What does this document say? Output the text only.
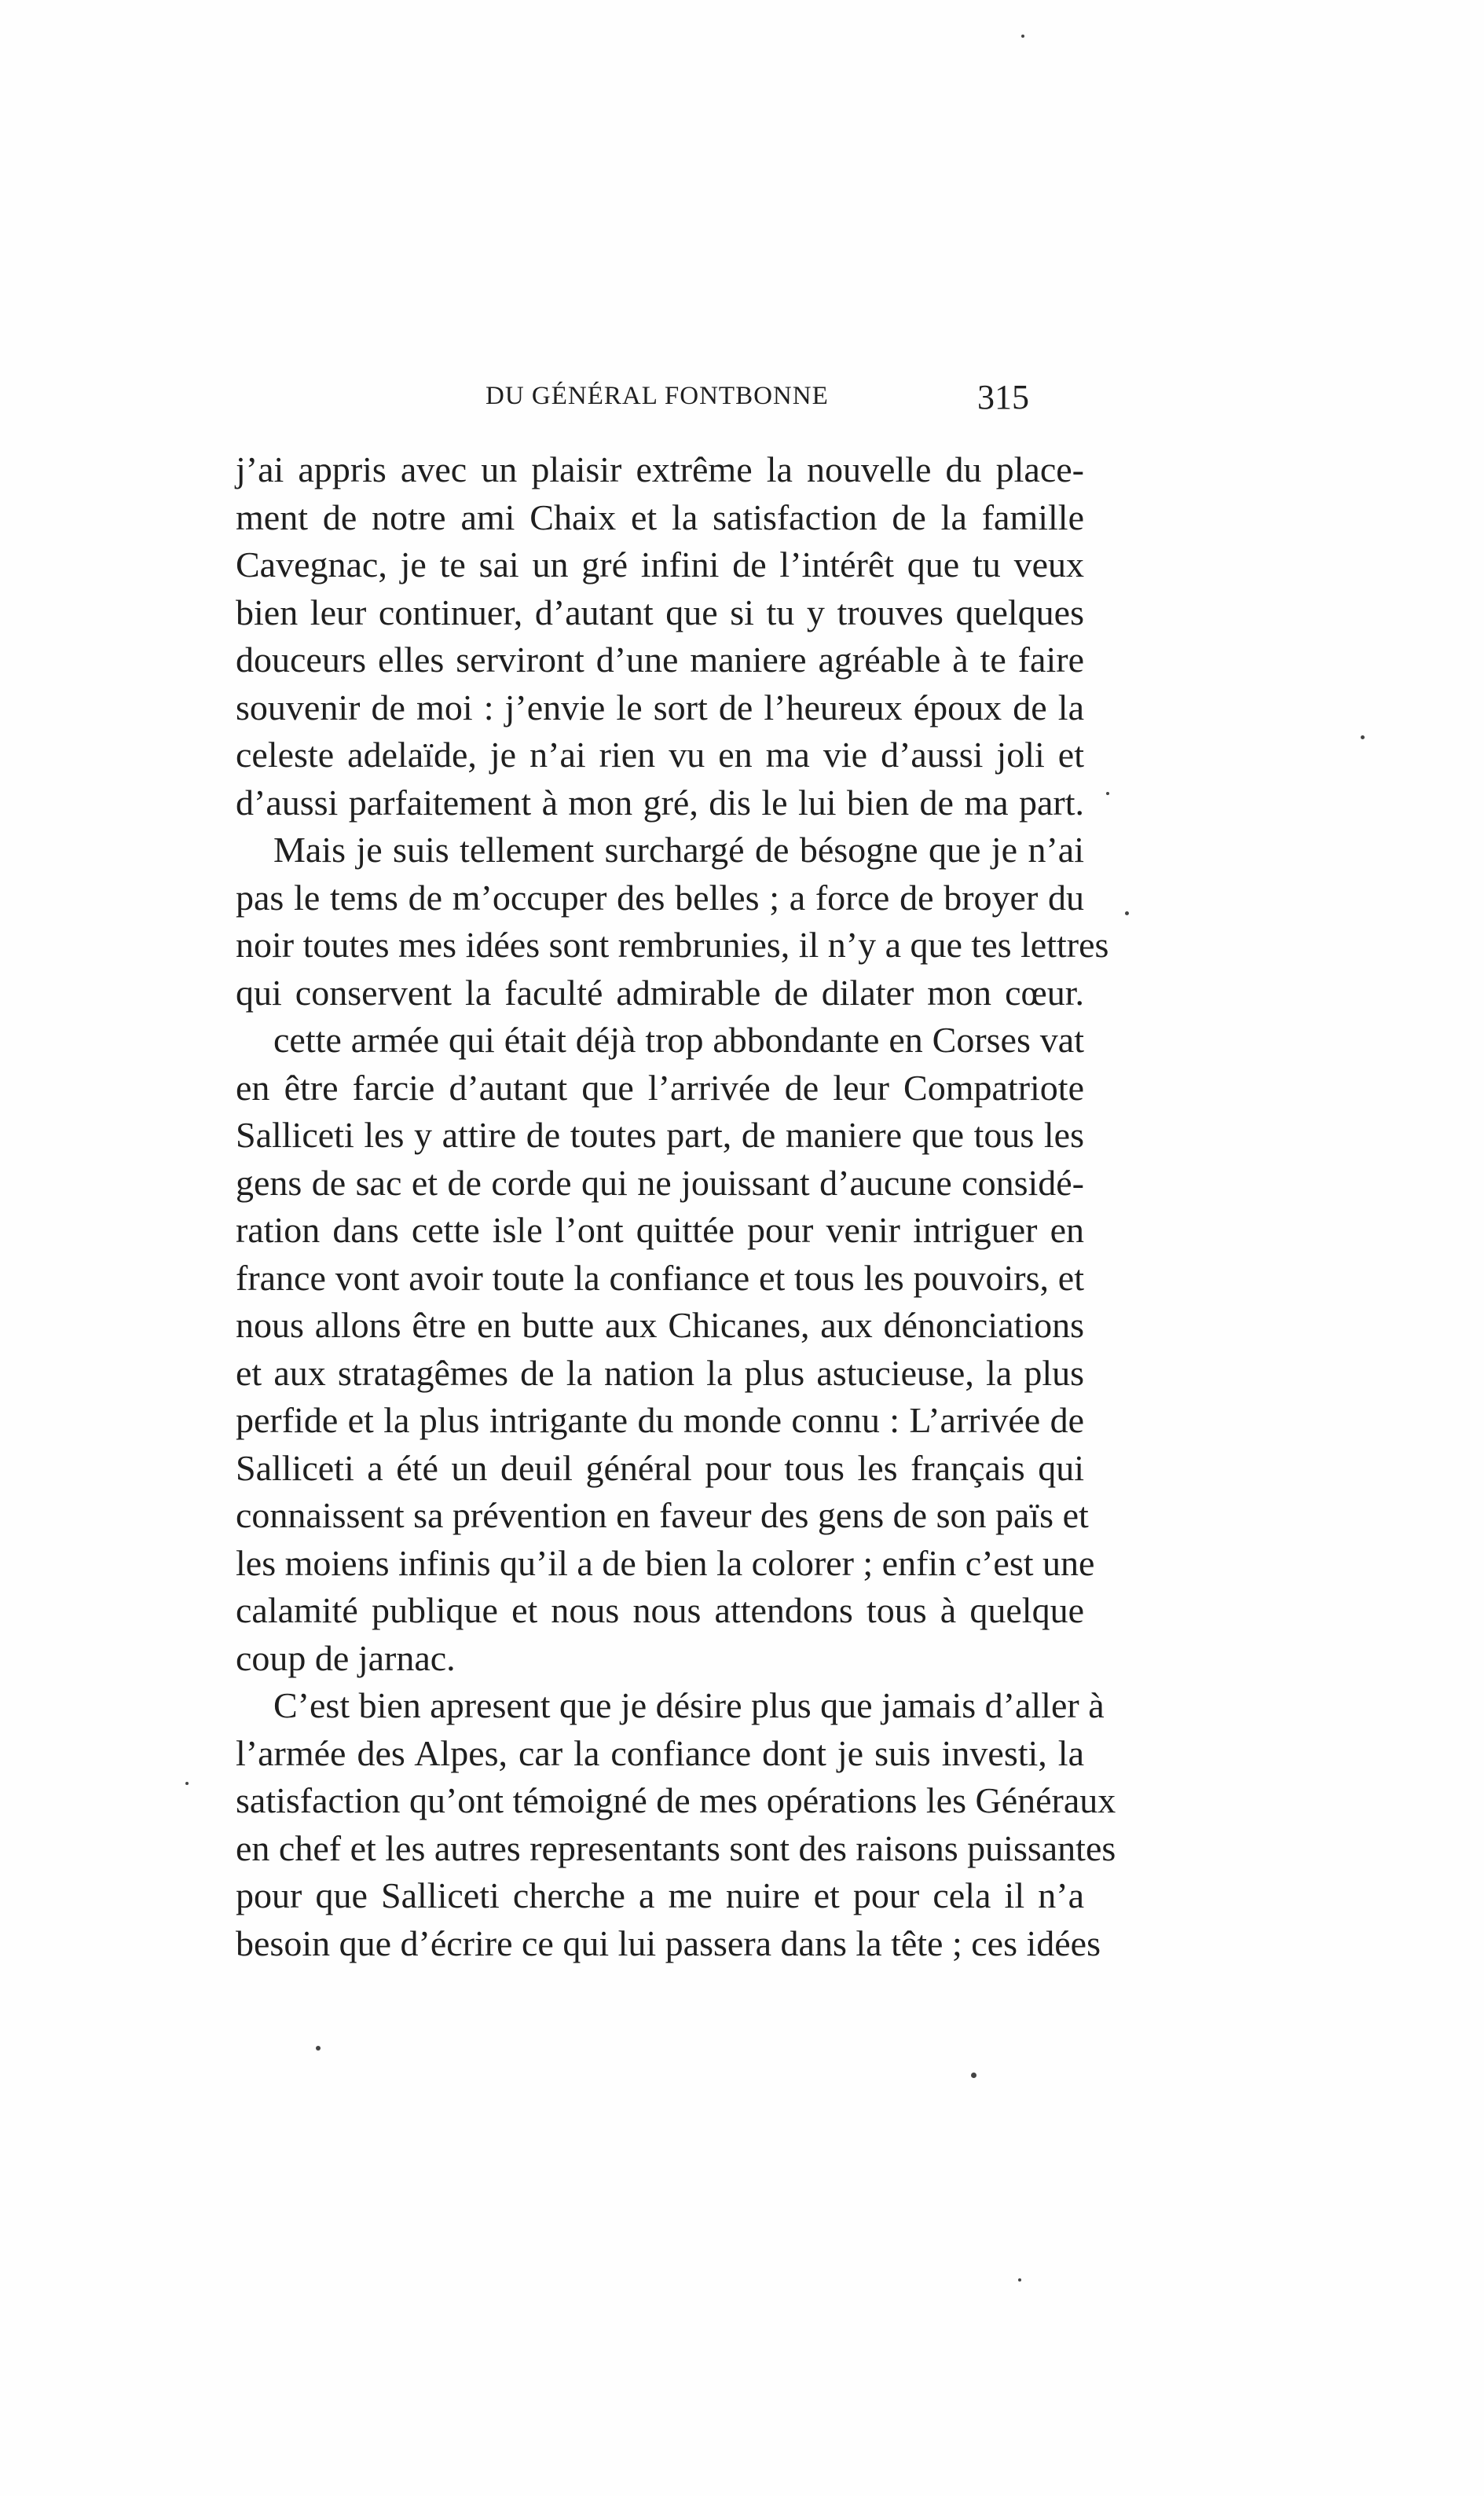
DU GÉNÉRAL FONTBONNE	315
j’ai appris avec un plaisir extrême la nouvelle du place-
ment de notre ami Chaix et la satisfaction de la famille
Cavegnac, je te sai un gré infini de l’intérêt que tu veux
bien leur continuer, d’autant que si tu y trouves quelques
douceurs elles serviront d’une maniere agréable à te faire
souvenir de moi : j’envie le sort de l’heureux époux de la
celeste adelaïde, je n’ai rien vu en ma vie d’aussi joli et
d’aussi parfaitement à mon gré, dis le lui bien de ma part.
Mais je suis tellement surchargé de bésogne que je n’ai
pas le tems de m’occuper des belles ; a force de broyer du
noir toutes mes idées sont rembrunies, il n’y a que tes lettres
qui conservent la faculté admirable de dilater mon cœur.
cette armée qui était déjà trop abbondante en Corses vat
en être farcie d’autant que l’arrivée de leur Compatriote
Salliceti les y attire de toutes part, de maniere que tous les
gens de sac et de corde qui ne jouissant d’aucune considé-
ration dans cette isle l’ont quittée pour venir intriguer en
france vont avoir toute la confiance et tous les pouvoirs, et
nous allons être en butte aux Chicanes, aux dénonciations
et aux stratagêmes de la nation la plus astucieuse, la plus
perfide et la plus intrigante du monde connu : L’arrivée de
Salliceti a été un deuil général pour tous les français qui
connaissent sa prévention en faveur des gens de son païs et
les moiens infinis qu’il a de bien la colorer ; enfin c’est une
calamité publique et nous nous attendons tous à quelque
coup de jarnac.
C’est bien apresent que je désire plus que jamais d’aller à
l’armée des Alpes, car la confiance dont je suis investi, la
satisfaction qu’ont témoigné de mes opérations les Généraux
en chef et les autres representants sont des raisons puissantes
pour que Salliceti cherche a me nuire et pour cela il n’a
besoin que d’écrire ce qui lui passera dans la tête ; ces idées
